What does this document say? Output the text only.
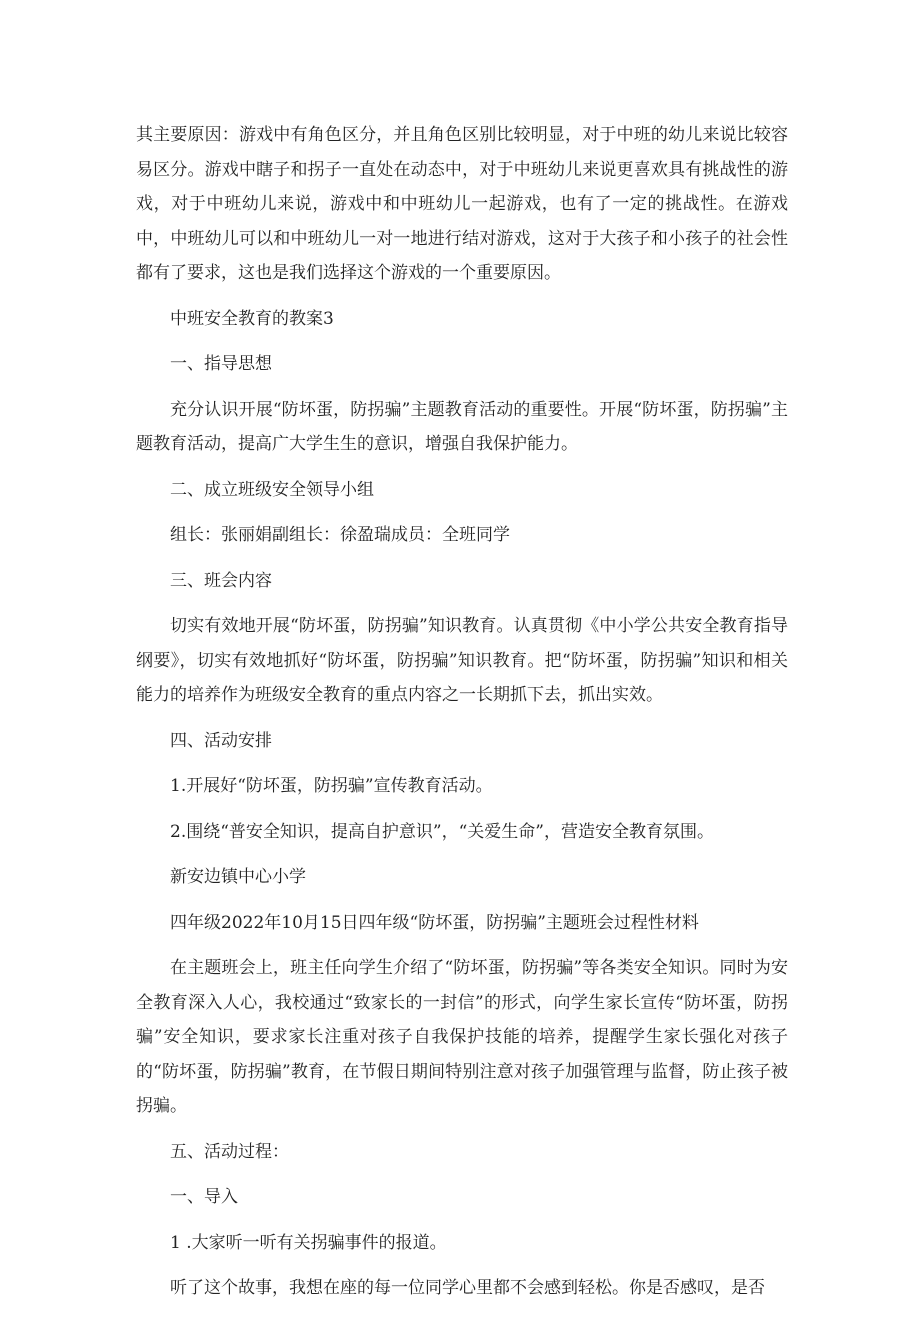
其主要原因：游戏中有角色区分，并且角色区别比较明显，对于中班的幼儿来说比较容易区分。游戏中瞎子和拐子一直处在动态中，对于中班幼儿来说更喜欢具有挑战性的游戏，对于中班幼儿来说，游戏中和中班幼儿一起游戏，也有了一定的挑战性。在游戏中，中班幼儿可以和中班幼儿一对一地进行结对游戏，这对于大孩子和小孩子的社会性都有了要求，这也是我们选择这个游戏的一个重要原因。

中班安全教育的教案3

一、指导思想

充分认识开展“防坏蛋，防拐骗”主题教育活动的重要性。开展“防坏蛋，防拐骗”主题教育活动，提高广大学生生的意识，增强自我保护能力。

二、成立班级安全领导小组

组长：张丽娟副组长：徐盈瑞成员：全班同学

三、班会内容

切实有效地开展“防坏蛋，防拐骗”知识教育。认真贯彻《中小学公共安全教育指导纲要》，切实有效地抓好“防坏蛋，防拐骗”知识教育。把“防坏蛋，防拐骗”知识和相关能力的培养作为班级安全教育的重点内容之一长期抓下去，抓出实效。

四、活动安排

1.开展好“防坏蛋，防拐骗”宣传教育活动。

2.围绕“普安全知识，提高自护意识”，“关爱生命”，营造安全教育氛围。

新安边镇中心小学

四年级2022年10月15日四年级“防坏蛋，防拐骗”主题班会过程性材料

在主题班会上，班主任向学生介绍了“防坏蛋，防拐骗”等各类安全知识。同时为安全教育深入人心，我校通过“致家长的一封信”的形式，向学生家长宣传“防坏蛋，防拐骗”安全知识，要求家长注重对孩子自我保护技能的培养，提醒学生家长强化对孩子的“防坏蛋，防拐骗”教育，在节假日期间特别注意对孩子加强管理与监督，防止孩子被拐骗。

五、活动过程：

一、导入

1 .大家听一听有关拐骗事件的报道。

听了这个故事，我想在座的每一位同学心里都不会感到轻松。你是否感叹，是否
